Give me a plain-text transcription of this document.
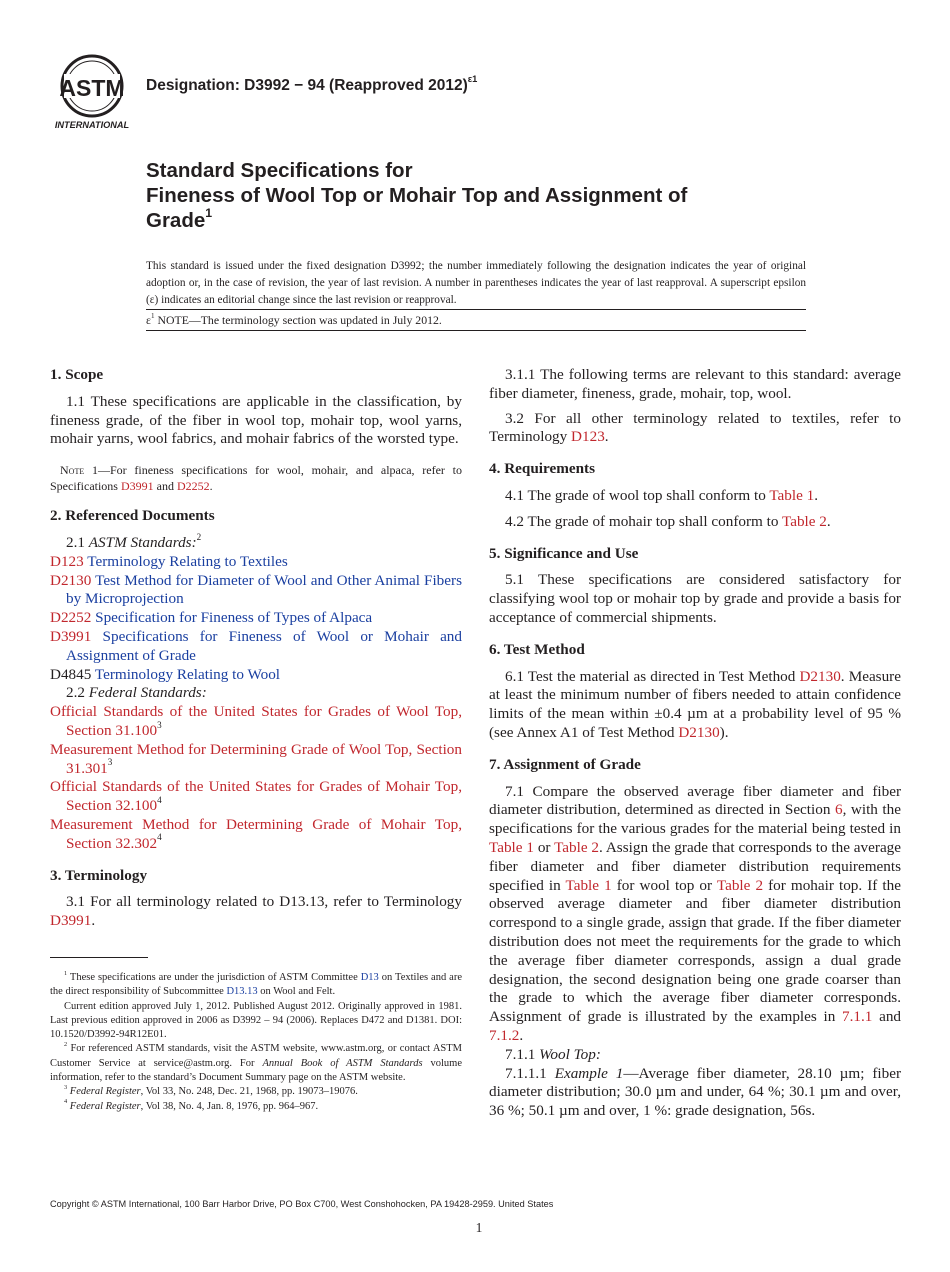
ASTM
INTERNATIONAL
Designation: D3992 − 94 (Reapproved 2012)$^{\varepsilon 1}$
Standard Specifications for
Fineness of Wool Top or Mohair Top and Assignment of
Grade$^1$
This standard is issued under the fixed designation D3992; the number immediately following the designation indicates the year of original adoption or, in the case of revision, the year of last revision. A number in parentheses indicates the year of last reapproval. A superscript epsilon (ε) indicates an editorial change since the last revision or reapproval.
$\varepsilon^1$ NOTE—The terminology section was updated in July 2012.
1. Scope

1.1 These specifications are applicable in the classification, by fineness grade, of the fiber in wool top, mohair top, wool yarns, mohair yarns, wool fabrics, and mohair fabrics of the worsted type.

Note 1—For fineness specifications for wool, mohair, and alpaca, refer to Specifications D3991 and D2252.

2. Referenced Documents
2.1 ASTM Standards:$^2$
D123 Terminology Relating to Textiles
D2130 Test Method for Diameter of Wool and Other Animal Fibers by Microprojection
D2252 Specification for Fineness of Types of Alpaca
D3991 Specifications for Fineness of Wool or Mohair and Assignment of Grade
D4845 Terminology Relating to Wool
2.2 Federal Standards:
Official Standards of the United States for Grades of Wool Top, Section 31.100$^3$
Measurement Method for Determining Grade of Wool Top, Section 31.301$^3$
Official Standards of the United States for Grades of Mohair Top, Section 32.100$^4$
Measurement Method for Determining Grade of Mohair Top, Section 32.302$^4$
3. Terminology

3.1 For all terminology related to D13.13, refer to Terminology D3991.

3.1.1 The following terms are relevant to this standard: average fiber diameter, fineness, grade, mohair, top, wool.

3.2 For all other terminology related to textiles, refer to Terminology D123.

4. Requirements

4.1 The grade of wool top shall conform to Table 1.

4.2 The grade of mohair top shall conform to Table 2.

5. Significance and Use

5.1 These specifications are considered satisfactory for classifying wool top or mohair top by grade and provide a basis for acceptance of commercial shipments.

6. Test Method

6.1 Test the material as directed in Test Method D2130. Measure at least the minimum number of fibers needed to attain confidence limits of the mean within ±0.4 µm at a probability level of 95 % (see Annex A1 of Test Method D2130).

7. Assignment of Grade

7.1 Compare the observed average fiber diameter and fiber diameter distribution, determined as directed in Section 6, with the specifications for the various grades for the material being tested in Table 1 or Table 2. Assign the grade that corresponds to the average fiber diameter and fiber diameter distribution requirements specified in Table 1 for wool top or Table 2 for mohair top. If the observed average diameter and fiber diameter distribution correspond to a single grade, assign that grade. If the fiber diameter distribution does not meet the requirements for the grade to which the average fiber diameter corresponds, assign a dual grade designation, the second designation being one grade coarser than the grade to which the average fiber diameter corresponds. Assignment of grade is illustrated by the examples in 7.1.1 and 7.1.2.

7.1.1 Wool Top:

7.1.1.1 Example 1—Average fiber diameter, 28.10 µm; fiber diameter distribution; 30.0 µm and under, 64 %; 30.1 µm and over, 36 %; 50.1 µm and over, 1 %: grade designation, 56s.

$^1$ These specifications are under the jurisdiction of ASTM Committee D13 on Textiles and are the direct responsibility of Subcommittee D13.13 on Wool and Felt.

Current edition approved July 1, 2012. Published August 2012. Originally approved in 1981. Last previous edition approved in 2006 as D3992 – 94 (2006). Replaces D472 and D1381. DOI: 10.1520/D3992-94R12E01.

$^2$ For referenced ASTM standards, visit the ASTM website, www.astm.org, or contact ASTM Customer Service at service@astm.org. For Annual Book of ASTM Standards volume information, refer to the standard’s Document Summary page on the ASTM website.

$^3$ Federal Register, Vol 33, No. 248, Dec. 21, 1968, pp. 19073–19076.

$^4$ Federal Register, Vol 38, No. 4, Jan. 8, 1976, pp. 964–967.

Copyright © ASTM International, 100 Barr Harbor Drive, PO Box C700, West Conshohocken, PA 19428-2959. United States
1
